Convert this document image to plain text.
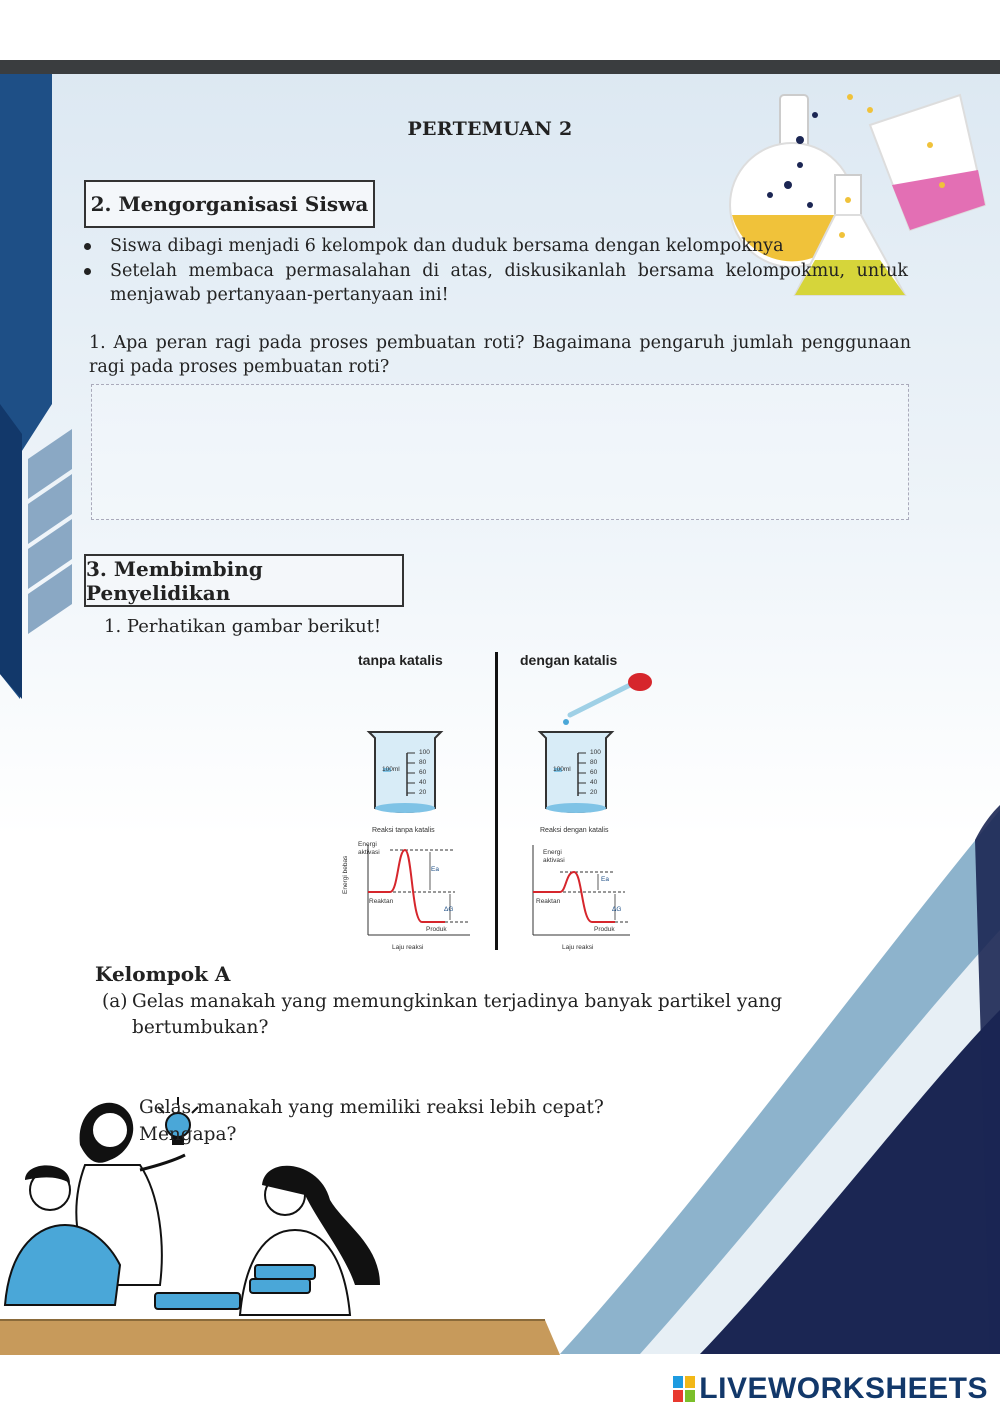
PERTEMUAN 2
2. Mengorganisasi Siswa
Siswa dibagi menjadi 6 kelompok dan duduk bersama dengan kelompoknya
Setelah membaca permasalahan di atas, diskusikanlah bersama kelompokmu, untuk
menjawab pertanyaan-pertanyaan ini!
1. Apa peran ragi pada proses pembuatan roti? Bagaimana pengaruh jumlah penggunaan
ragi pada proses pembuatan roti?
3. Membimbing Penyelidikan
1. Perhatikan gambar berikut!
tanpa katalis	dengan katalis
100ml
100
80
60
40
20
100ml
100
80
60
40
20
Reaksi tanpa katalis	Reaksi dengan katalis
Energi
aktivasi
Reaktan
Produk
ΔG
Ea
Energi bebas
Laju reaksi
Energi
aktivasi
Reaktan
Produk
ΔG
Ea
Laju reaksi
Kelompok A
(a) Gelas manakah yang memungkinkan terjadinya banyak partikel yang
bertumbukan?
Gelas manakah yang memiliki reaksi lebih cepat?
Mengapa?
LIVEWORKSHEETS
